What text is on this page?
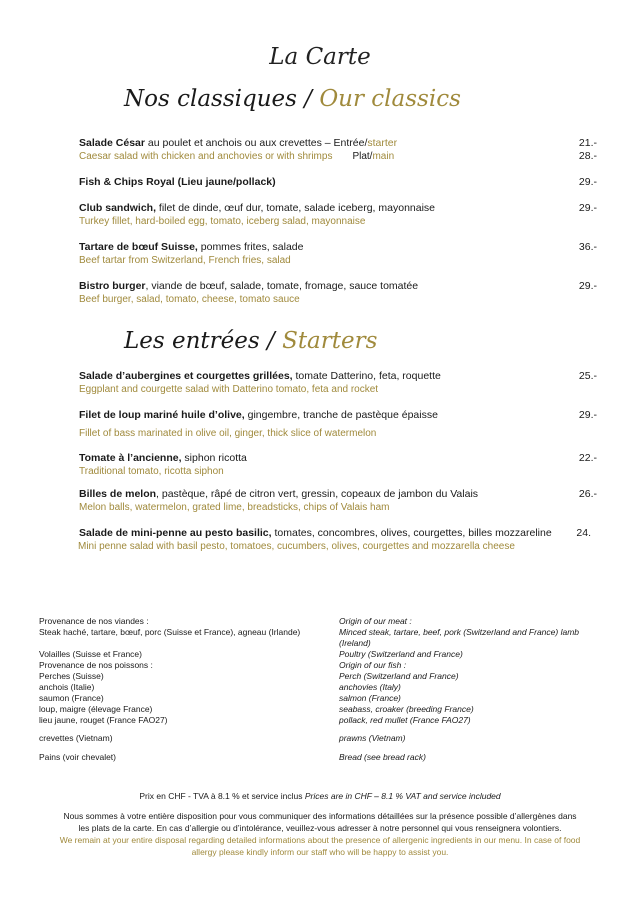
La Carte
Nos classiques / Our classics
Salade César au poulet et anchois ou aux crevettes – Entrée/starter
Caesar salad with chicken and anchovies or with shrimps Plat/main
21.-
28.-
Fish & Chips Royal (Lieu jaune/pollack)	29.-
Club sandwich, filet de dinde, œuf dur, tomate, salade iceberg, mayonnaise
Turkey fillet, hard-boiled egg, tomato, iceberg salad, mayonnaise
29.-
Tartare de bœuf Suisse, pommes frites, salade
Beef tartar from Switzerland, French fries, salad
36.-
Bistro burger, viande de bœuf, salade, tomate, fromage, sauce tomatée
Beef burger, salad, tomato, cheese, tomato sauce
29.-
Les entrées / Starters
Salade d’aubergines et courgettes grillées, tomate Datterino, feta, roquette
Eggplant and courgette salad with Datterino tomato, feta and rocket
25.-
Filet de loup mariné huile d’olive, gingembre, tranche de pastèque épaisse
Fillet of bass marinated in olive oil, ginger, thick slice of watermelon
29.-
Tomate à l’ancienne, siphon ricotta
Traditional tomato, ricotta siphon
22.-
Billes de melon, pastèque, râpé de citron vert, gressin, copeaux de jambon du Valais
Melon balls, watermelon, grated lime, breadsticks, chips of Valais ham
26.-
Salade de mini-penne au pesto basilic, tomates, concombres, olives, courgettes, billes mozzareline
Mini penne salad with basil pesto, tomatoes, cucumbers, olives, courgettes and mozzarella cheese
24.
Provenance de nos viandes :
Steak haché, tartare, bœuf, porc (Suisse et France), agneau (Irlande)
Volailles (Suisse et France)
Provenance de nos poissons :
Perches (Suisse)
anchois (Italie)
saumon (France)
loup, maigre (élevage France)
lieu jaune, rouget (France FAO27)
crevettes (Vietnam)
Pains (voir chevalet)
Origin of our meat :
Minced steak, tartare, beef, pork (Switzerland and France) lamb
(Ireland)
Poultry (Switzerland and France)
Origin of our fish :
Perch (Switzerland and France)
anchovies (Italy)
salmon (France)
seabass, croaker (breeding France)
pollack, red mullet (France FAO27)
prawns (Vietnam)
Bread (see bread rack)
Prix en CHF - TVA à 8.1 % et service inclus Prices are in CHF – 8.1 % VAT and service included
Nous sommes à votre entière disposition pour vous communiquer des informations détaillées sur la présence possible d’allergènes dans
les plats de la carte. En cas d’allergie ou d’intolérance, veuillez-vous adresser à notre personnel qui vous renseignera volontiers.
We remain at your entire disposal regarding detailed informations about the presence of allergenic ingredients in our menu. In case of food
allergy please kindly inform our staff who will be happy to assist you.
